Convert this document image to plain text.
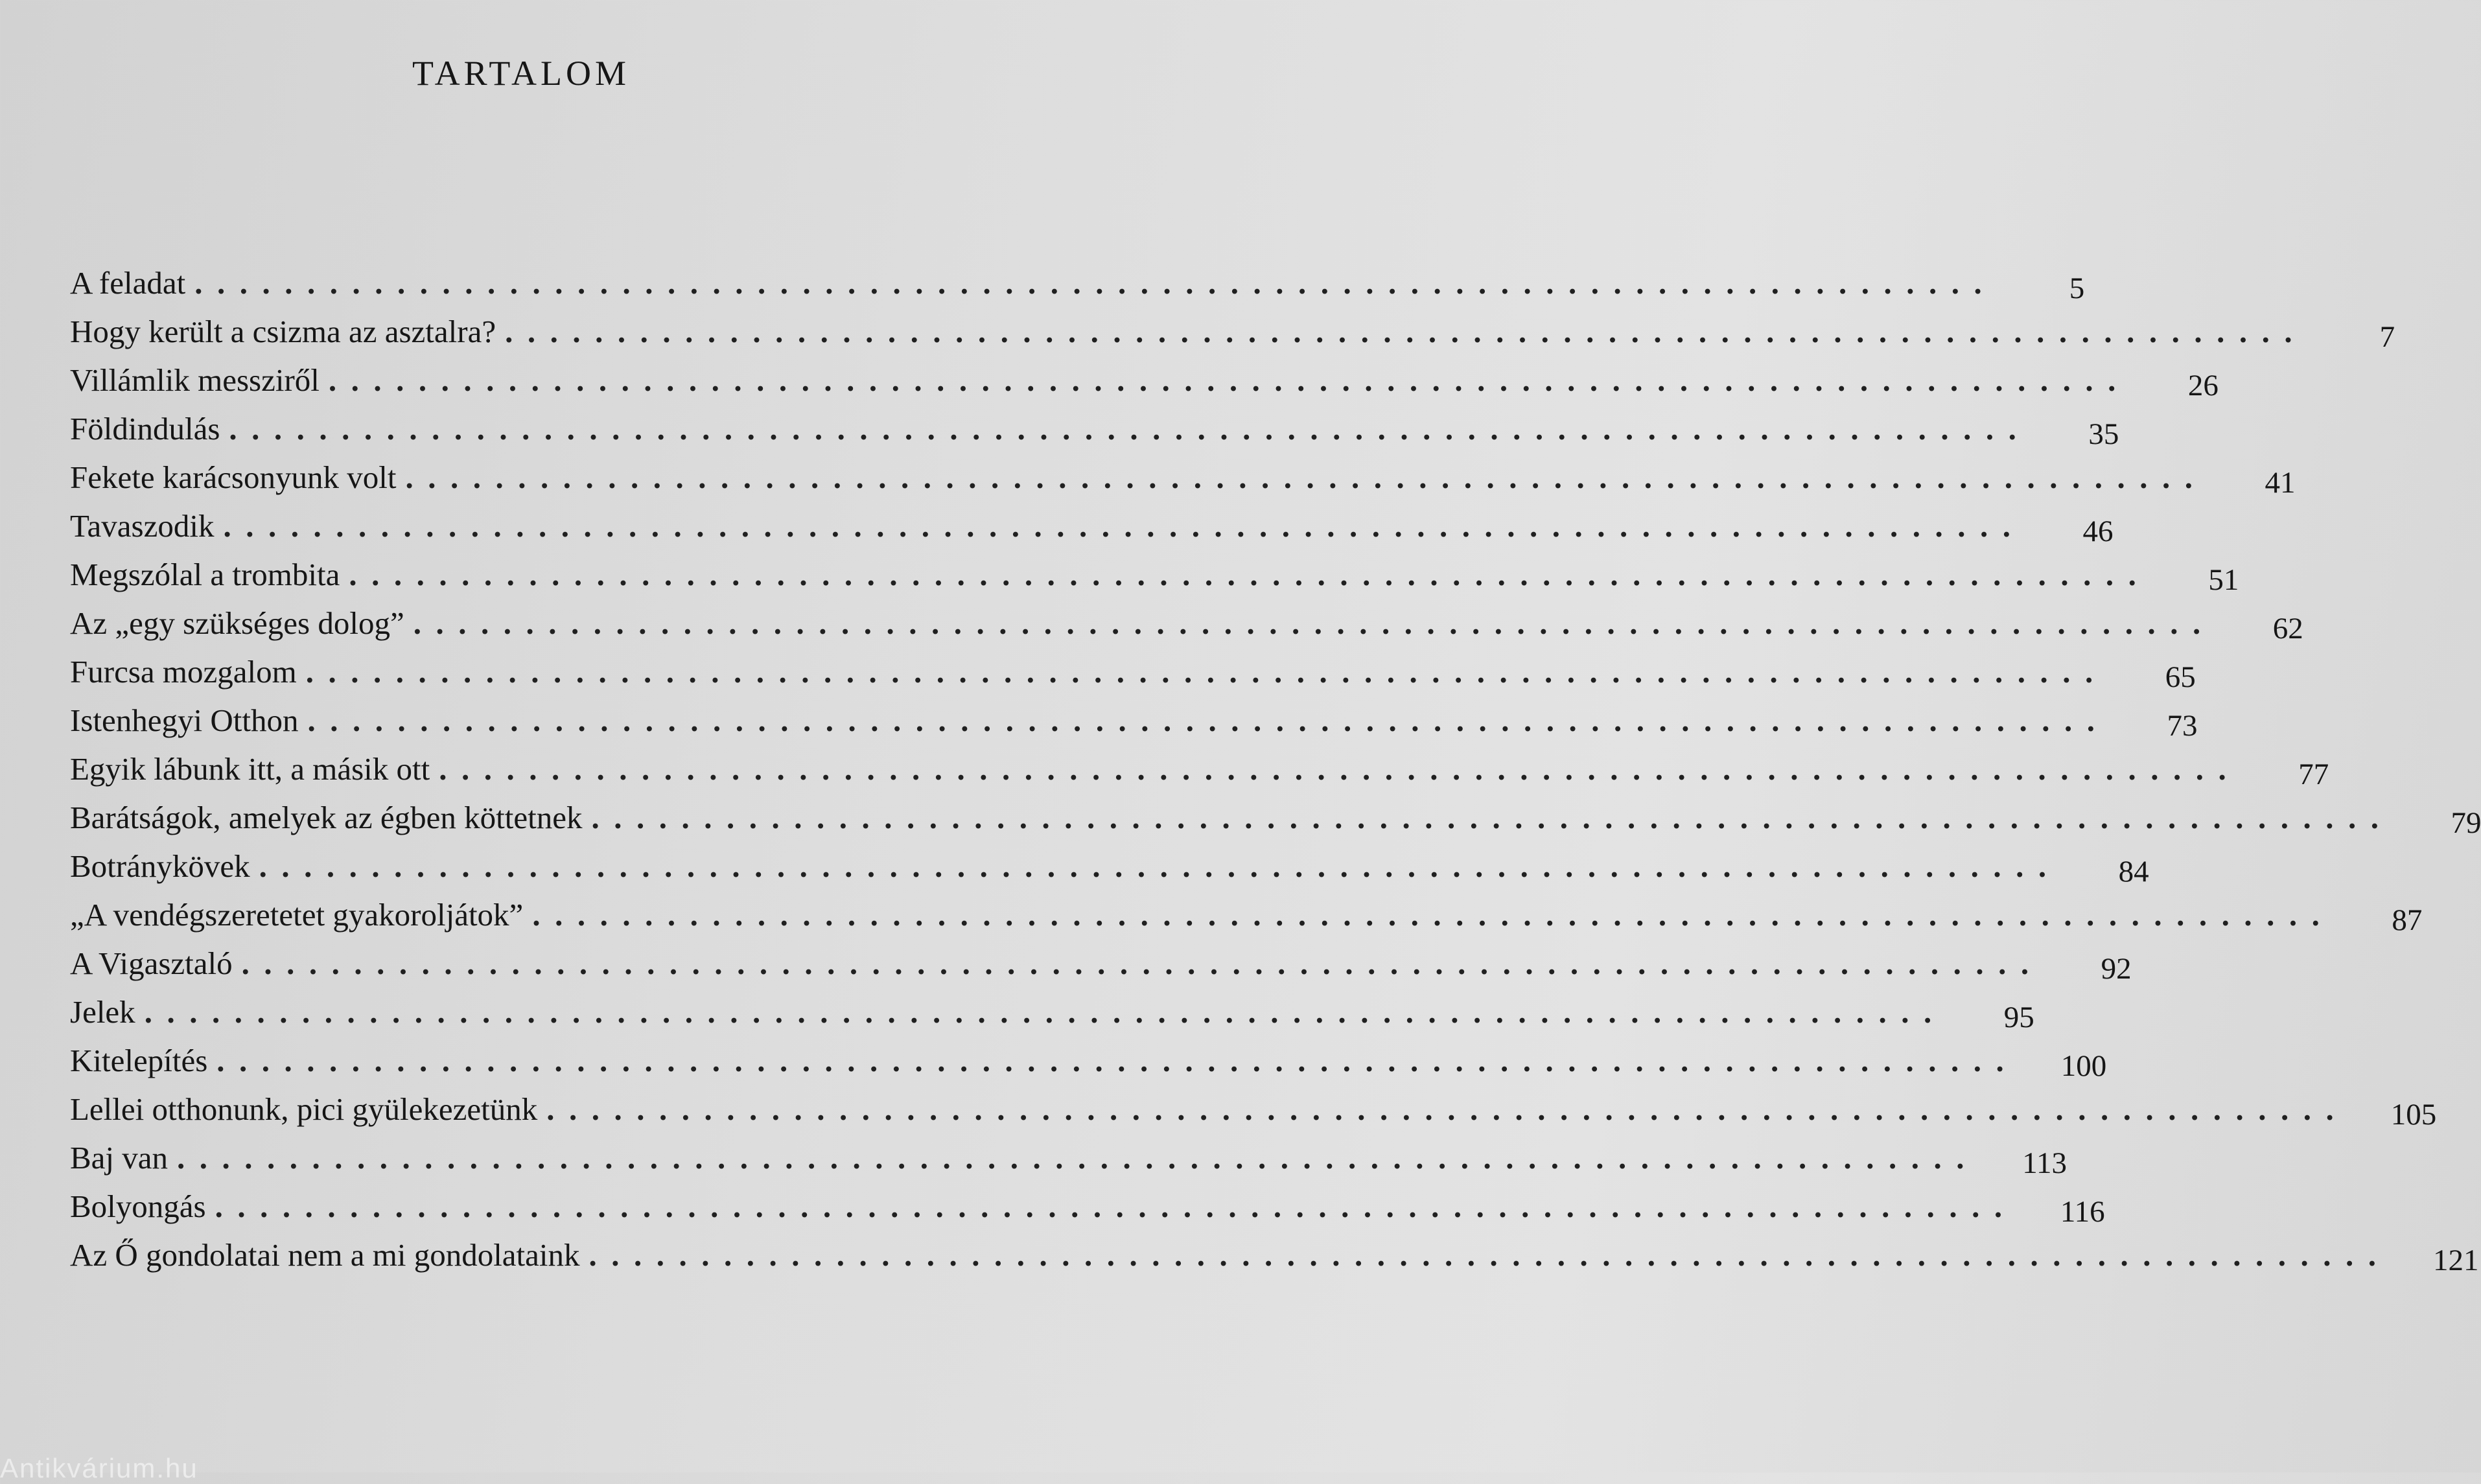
TARTALOM
A feladat ................................................................................	5
Hogy került a csizma az asztalra? ................................................................................	7
Villámlik messziről ................................................................................	26
Földindulás ................................................................................	35
Fekete karácsonyunk volt ................................................................................	41
Tavaszodik ................................................................................	46
Megszólal a trombita ................................................................................	51
Az „egy szükséges dolog” ................................................................................	62
Furcsa mozgalom ................................................................................	65
Istenhegyi Otthon ................................................................................	73
Egyik lábunk itt, a másik ott ................................................................................	77
Barátságok, amelyek az égben köttetnek ................................................................................	79
Botránykövek ................................................................................	84
„A vendégszeretetet gyakoroljátok” ................................................................................	87
A Vigasztaló ................................................................................	92
Jelek ................................................................................	95
Kitelepítés ................................................................................	100
Lellei otthonunk, pici gyülekezetünk ................................................................................	105
Baj van ................................................................................	113
Bolyongás ................................................................................	116
Az Ő gondolatai nem a mi gondolataink ................................................................................	121
Antikvárium.hu
